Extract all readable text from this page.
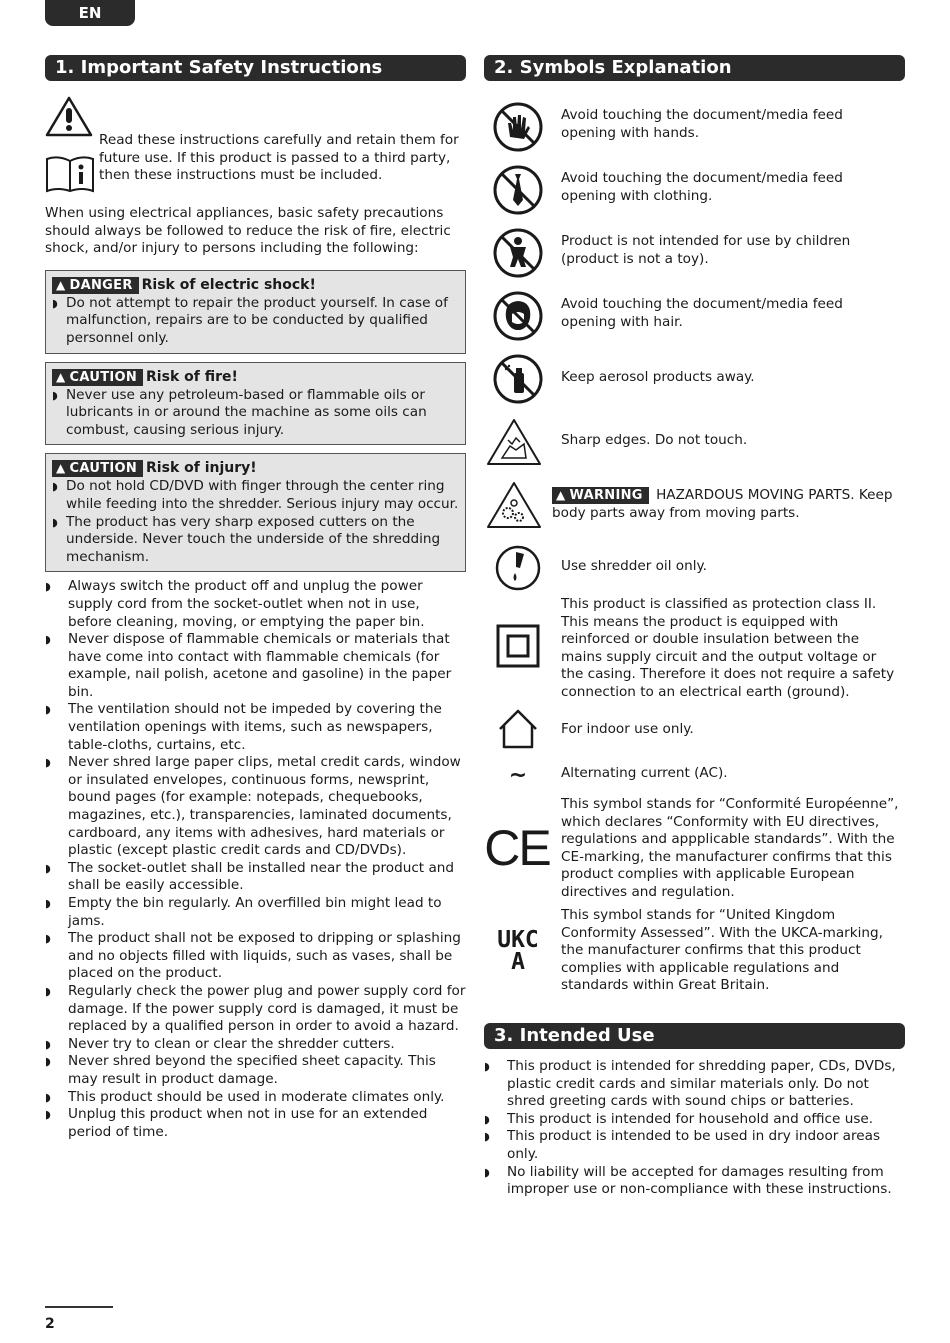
EN
1. Important Safety Instructions

Read these instructions carefully and retain them for future use. If this product is passed to a third party, then these instructions must be included.

When using electrical appliances, basic safety precautions should always be followed to reduce the risk of fire, electric shock, and/or injury to persons including the following:

▲ DANGER Risk of electric shock!
◗ Do not attempt to repair the product yourself. In case of malfunction, repairs are to be conducted by qualified personnel only.
▲ CAUTION Risk of fire!
◗ Never use any petroleum-based or flammable oils or lubricants in or around the machine as some oils can combust, causing serious injury.
▲ CAUTION Risk of injury!
◗ Do not hold CD/DVD with finger through the center ring while feeding into the shredder. Serious injury may occur.
◗ The product has very sharp exposed cutters on the underside. Never touch the underside of the shredding mechanism.
◗ Always switch the product off and unplug the power supply cord from the socket-outlet when not in use, before cleaning, moving, or emptying the paper bin.
◗ Never dispose of flammable chemicals or materials that have come into contact with flammable chemicals (for example, nail polish, acetone and gasoline) in the paper bin.
◗ The ventilation should not be impeded by covering the ventilation openings with items, such as newspapers, table-cloths, curtains, etc.
◗ Never shred large paper clips, metal credit cards, window or insulated envelopes, continuous forms, newsprint, bound pages (for example: notepads, chequebooks, magazines, etc.), transparencies, laminated documents, cardboard, any items with adhesives, hard materials or plastic (except plastic credit cards and CD/DVDs).
◗ The socket-outlet shall be installed near the product and shall be easily accessible.
◗ Empty the bin regularly. An overfilled bin might lead to jams.
◗ The product shall not be exposed to dripping or splashing and no objects filled with liquids, such as vases, shall be placed on the product.
◗ Regularly check the power plug and power supply cord for damage. If the power supply cord is damaged, it must be replaced by a qualified person in order to avoid a hazard.
◗ Never try to clean or clear the shredder cutters.
◗ Never shred beyond the specified sheet capacity. This may result in product damage.
◗ This product should be used in moderate climates only.
◗ Unplug this product when not in use for an extended period of time.
2. Symbols Explanation

Avoid touching the document/media feed opening with hands.

Avoid touching the document/media feed opening with clothing.

Product is not intended for use by children (product is not a toy).

Avoid touching the document/media feed opening with hair.

Keep aerosol products away.

Sharp edges. Do not touch.

▲ WARNING HAZARDOUS MOVING PARTS. Keep body parts away from moving parts.

Use shredder oil only.

This product is classified as protection class II. This means the product is equipped with reinforced or double insulation between the mains supply circuit and the output voltage or the casing. Therefore it does not require a safety connection to an electrical earth (ground).

For indoor use only.

~	Alternating current (AC).

CE

This symbol stands for “Conformité Européenne”, which declares “Conformity with EU directives, regulations and appplicable standards”. With the CE-marking, the manufacturer confirms that this product complies with applicable European directives and regulation.

UKCA

This symbol stands for “United Kingdom Conformity Assessed”. With the UKCA-marking, the manufacturer confirms that this product complies with applicable regulations and standards within Great Britain.

3. Intended Use
◗ This product is intended for shredding paper, CDs, DVDs, plastic credit cards and similar materials only. Do not shred greeting cards with sound chips or batteries.
◗ This product is intended for household and office use.
◗ This product is intended to be used in dry indoor areas only.
◗ No liability will be accepted for damages resulting from improper use or non-compliance with these instructions.
2
